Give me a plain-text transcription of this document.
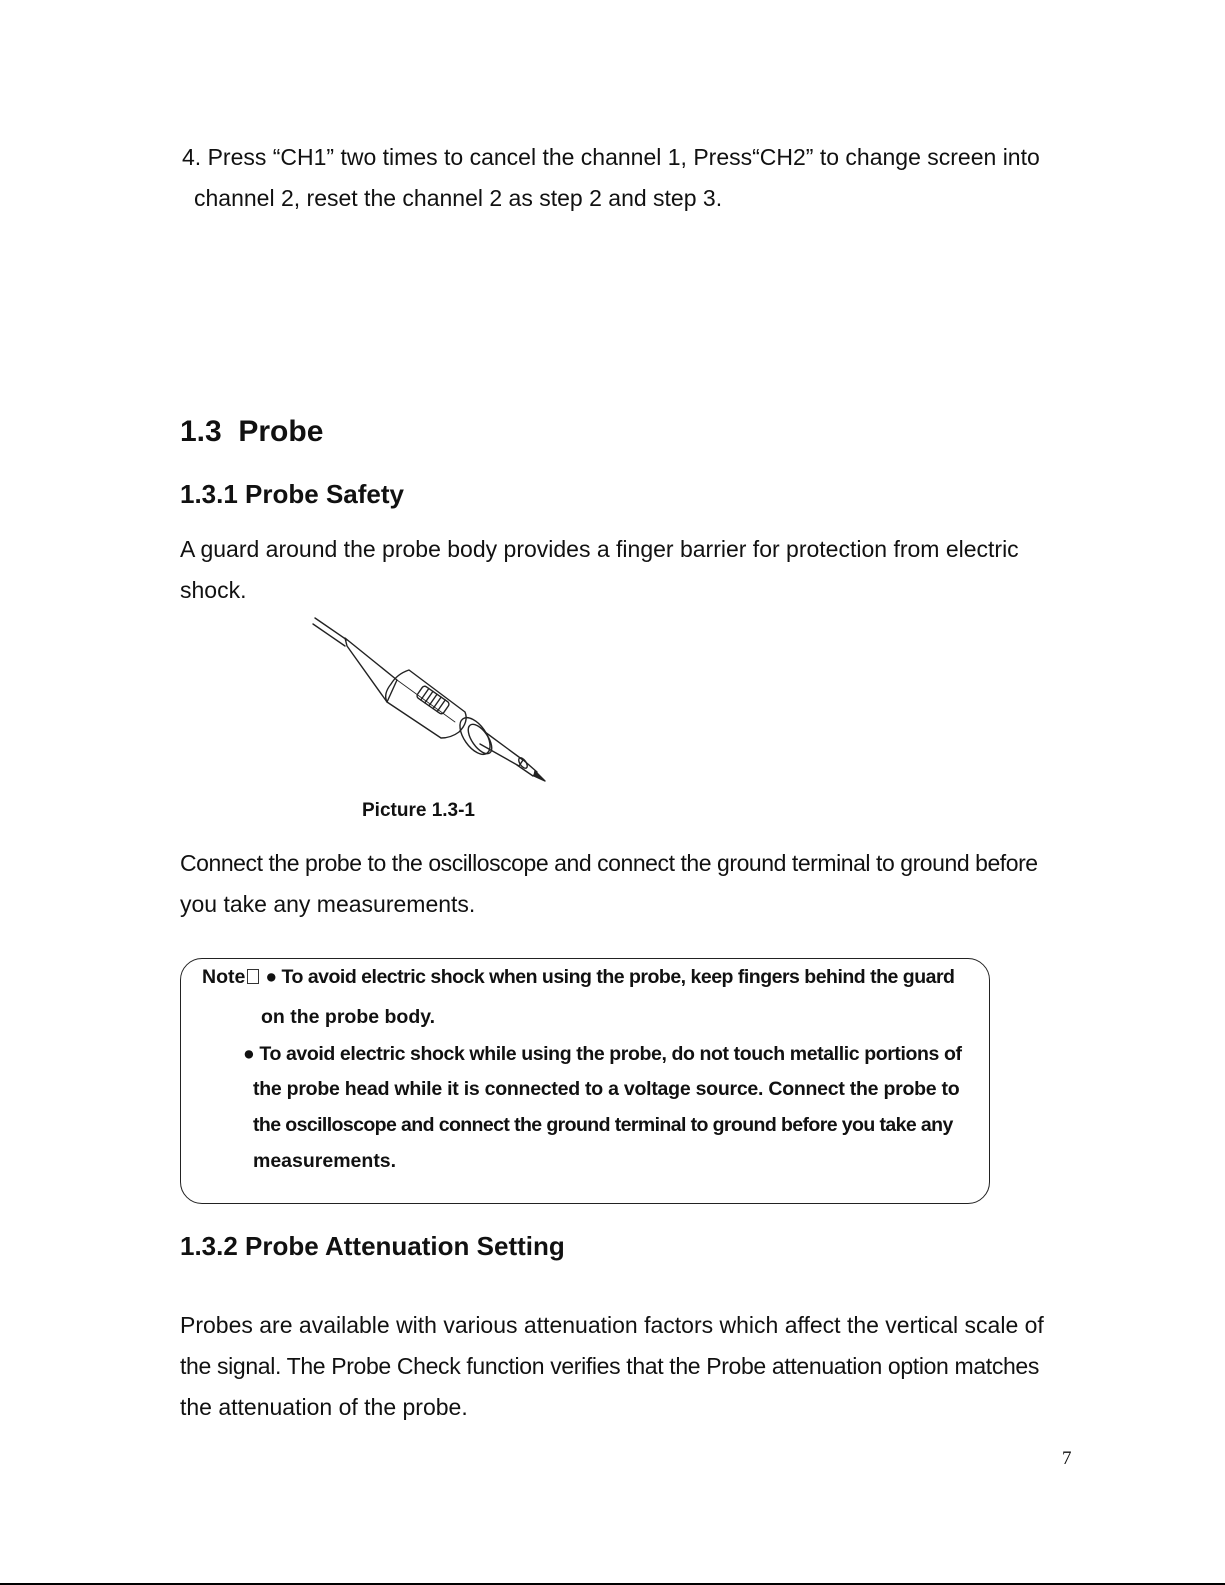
4. Press “CH1” two times to cancel the channel 1, Press“CH2” to change screen into
channel 2, reset the channel 2 as step 2 and step 3.
1.3  Probe
1.3.1 Probe Safety
A guard around the probe body provides a finger barrier for protection from electric
shock.
Picture 1.3-1
Connect the probe to the oscilloscope and connect the ground terminal to ground before
you take any measurements.
Note ● To avoid electric shock when using the probe, keep fingers behind the guard
on the probe body.
● To avoid electric shock while using the probe, do not touch metallic portions of
the probe head while it is connected to a voltage source. Connect the probe to
the oscilloscope and connect the ground terminal to ground before you take any
measurements.
1.3.2 Probe Attenuation Setting
Probes are available with various attenuation factors which affect the vertical scale of
the signal. The Probe Check function verifies that the Probe attenuation option matches
the attenuation of the probe.
7
